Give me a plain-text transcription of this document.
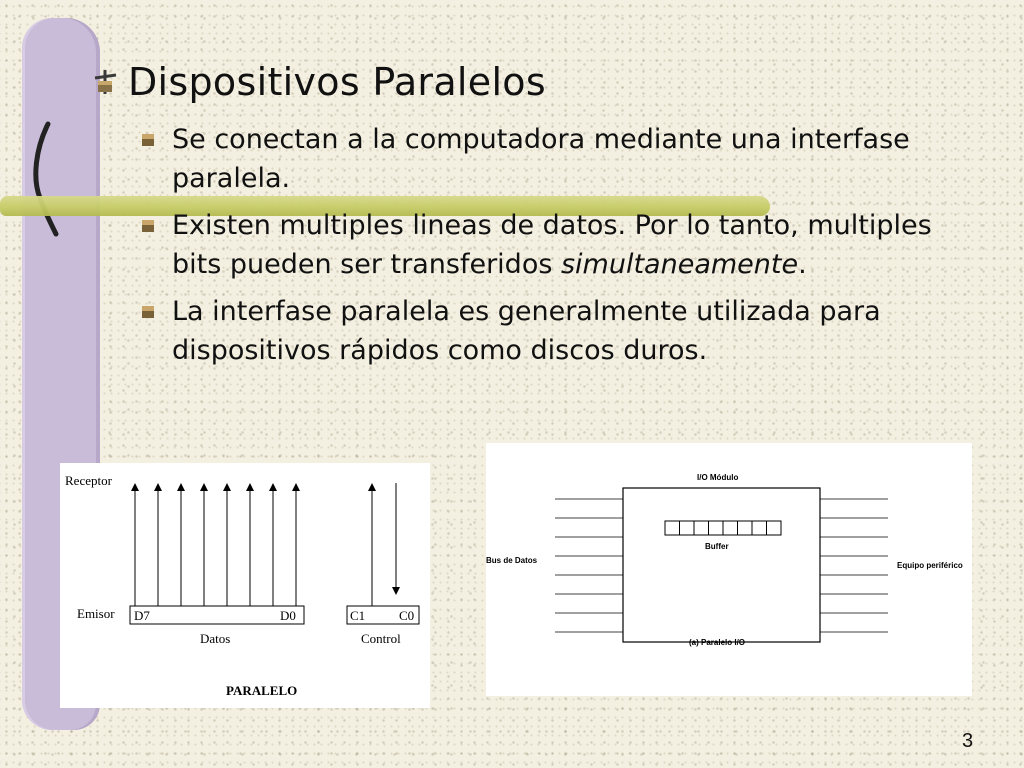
Dispositivos Paralelos
Se conectan a la computadora mediante una interfase paralela.
Existen multiples lineas de datos. Por lo tanto, multiples bits pueden ser transferidos simultaneamente.
La interfase paralela es generalmente utilizada para dispositivos rápidos como discos duros.
Receptor
Emisor D7	D0	C1	C0
Datos	Control
PARALELO
I/O Módulo
Buffer
Bus de Datos
Equipo periférico
(a) Paralelo I/O
3
